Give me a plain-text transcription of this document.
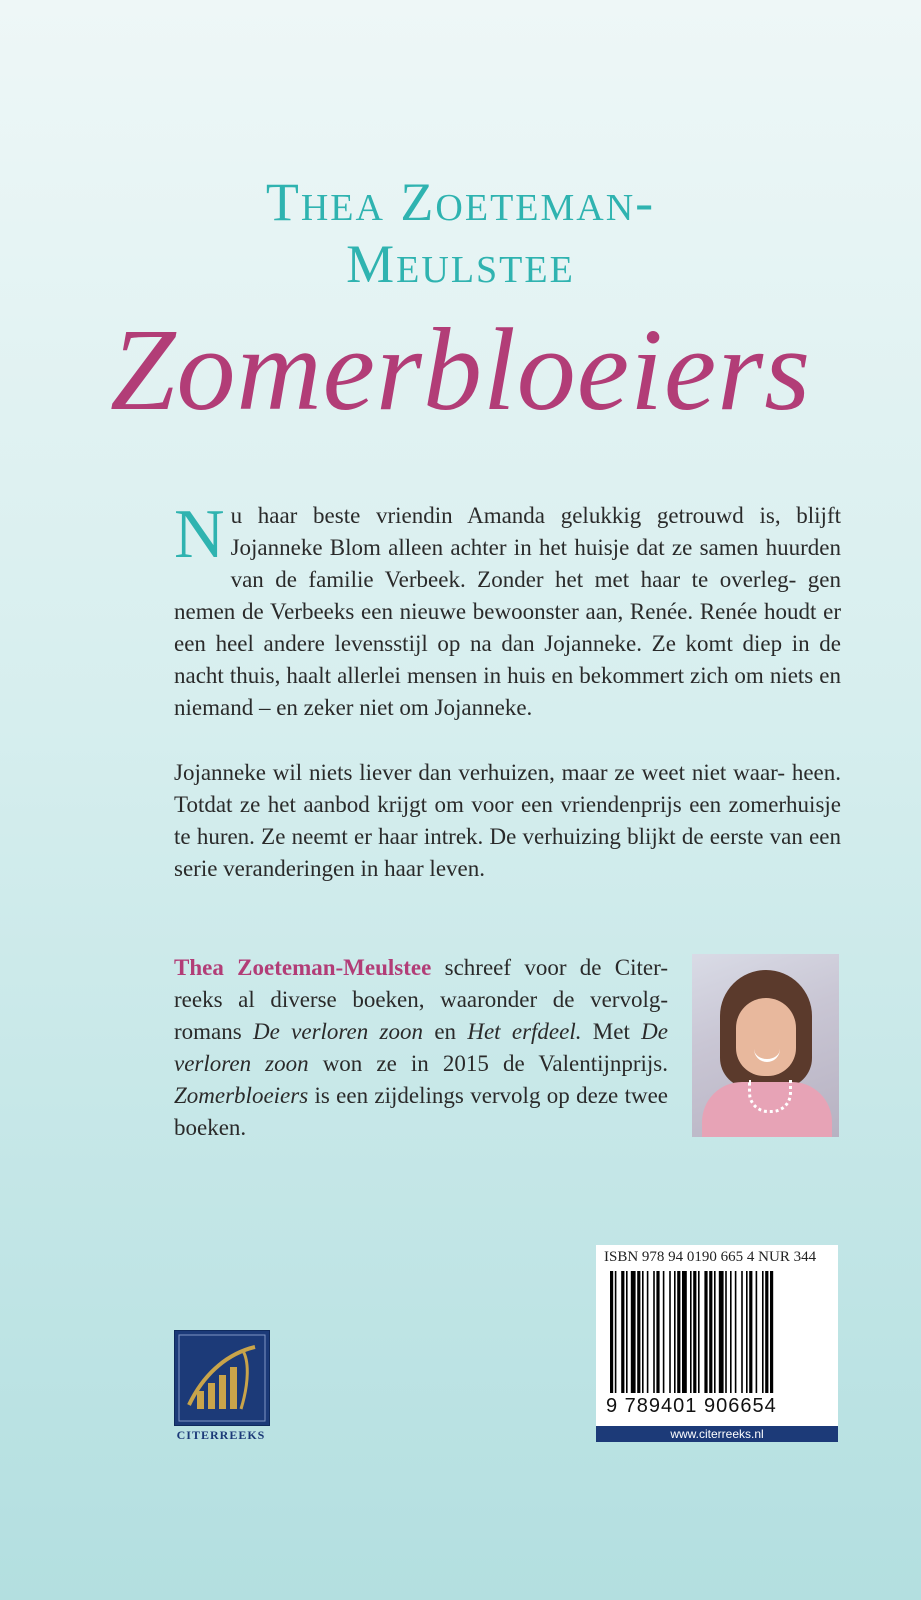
Thea Zoeteman-
Meulstee
Zomerbloeiers
Nu haar beste vriendin Amanda gelukkig getrouwd is, blijft Jojanneke Blom alleen achter in het huisje dat ze samen huurden van de familie Verbeek. Zonder het met haar te overleg- gen nemen de Verbeeks een nieuwe bewoonster aan, Renée. Renée houdt er een heel andere levensstijl op na dan Jojanneke. Ze komt diep in de nacht thuis, haalt allerlei mensen in huis en bekommert zich om niets en niemand – en zeker niet om Jojanneke.
Jojanneke wil niets liever dan verhuizen, maar ze weet niet waar- heen. Totdat ze het aanbod krijgt om voor een vriendenprijs een zomerhuisje te huren. Ze neemt er haar intrek. De verhuizing blijkt de eerste van een serie veranderingen in haar leven.
Thea Zoeteman-Meulstee schreef voor de Citer- reeks al diverse boeken, waaronder de vervolg- romans De verloren zoon en Het erfdeel. Met De verloren zoon won ze in 2015 de Valentijnprijs. Zomerbloeiers is een zijdelings vervolg op deze twee boeken.
CITERREEKS
ISBN 978 94 0190 665 4 NUR 344
9 789401 906654
www.citerreeks.nl
